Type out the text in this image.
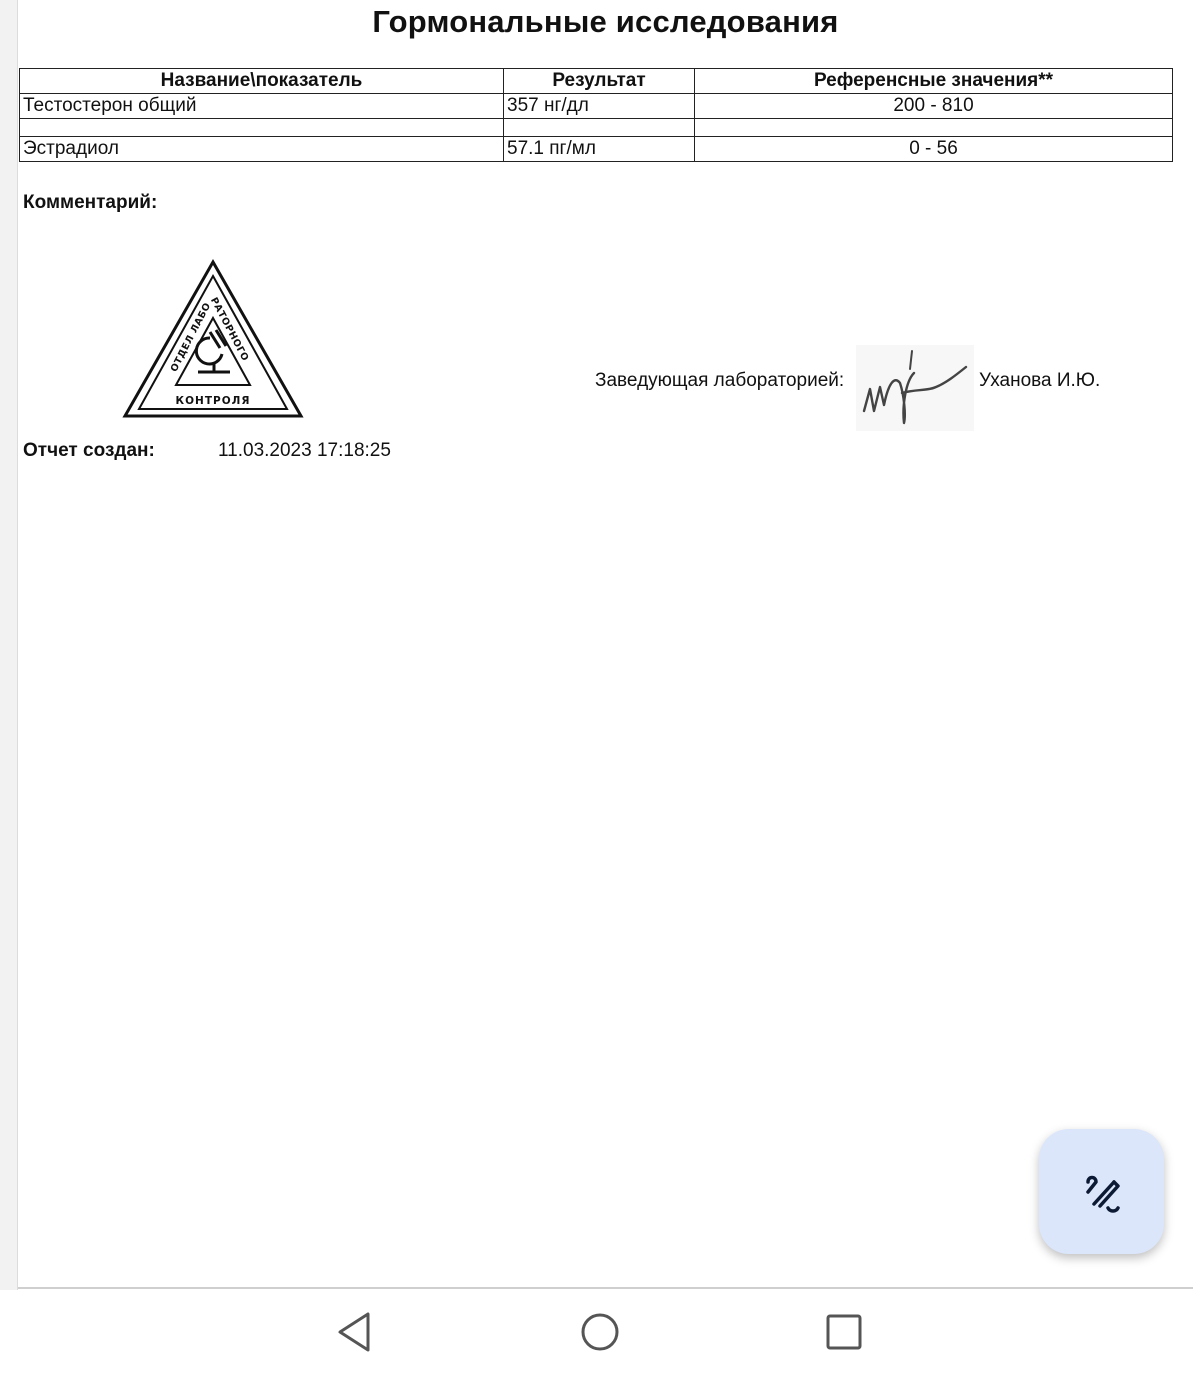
Гормональные исследования
Название\показатель	Результат	Референсные значения**
Тестостерон общий	357 нг/дл	200 - 810

Эстрадиол	57.1 пг/мл	0 - 56
Комментарий:
ОТДЕЛ ЛАБОРАТОРНОГО
КОНТРОЛЯ
Заведующая лабораторией:	Уханова И.Ю.
Отчет создан:	11.03.2023 17:18:25
